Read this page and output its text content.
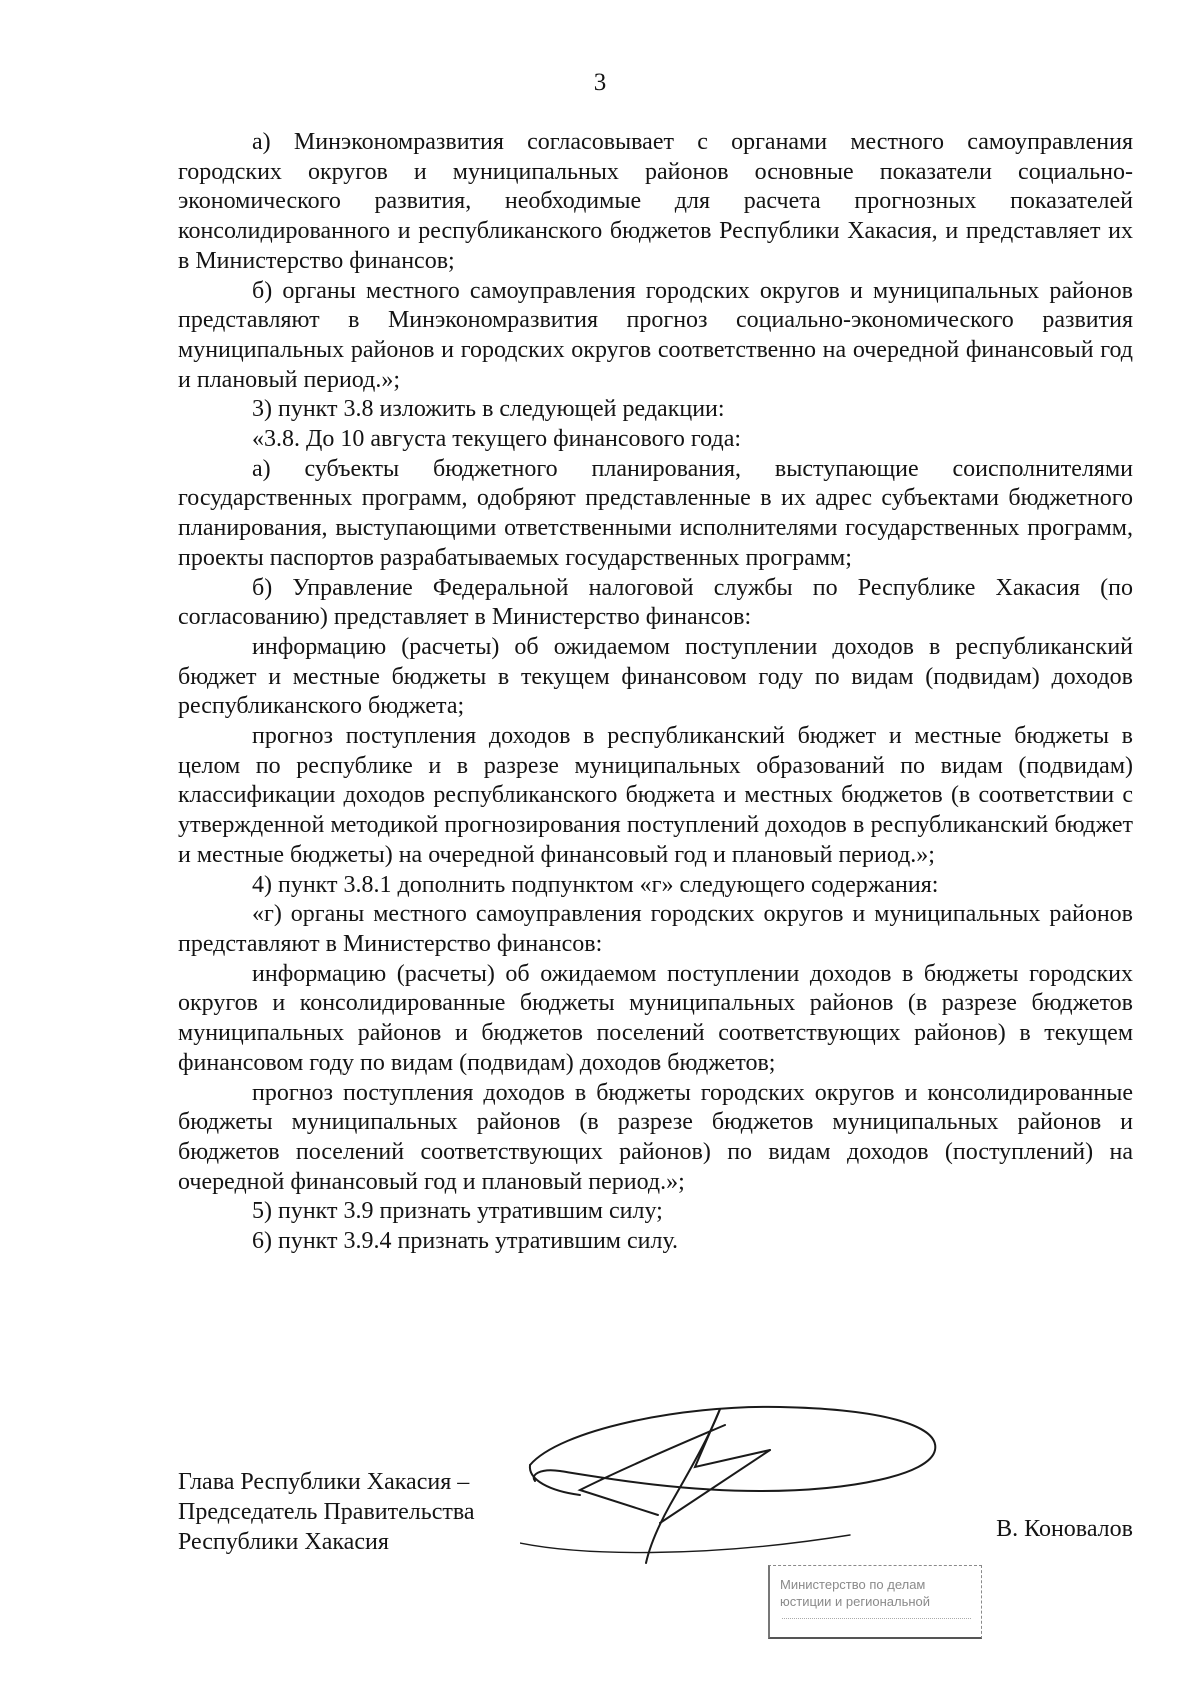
3

а) Минэкономразвития согласовывает с органами местного самоуправления городских округов и муниципальных районов основные показатели социально-экономического развития, необходимые для расчета прогнозных показателей консолидированного и республиканского бюджетов Республики Хакасия, и представляет их в Министерство финансов;

б) органы местного самоуправления городских округов и муниципальных районов представляют в Минэкономразвития прогноз социально-экономического развития муниципальных районов и городских округов соответственно на очередной финансовый год и плановый период.»;

3) пункт 3.8 изложить в следующей редакции:

«3.8. До 10 августа текущего финансового года:

а) субъекты бюджетного планирования, выступающие соисполнителями государственных программ, одобряют представленные в их адрес субъектами бюджетного планирования, выступающими ответственными исполнителями государственных программ, проекты паспортов разрабатываемых государственных программ;

б) Управление Федеральной налоговой службы по Республике Хакасия (по согласованию) представляет в Министерство финансов:

информацию (расчеты) об ожидаемом поступлении доходов в республиканский бюджет и местные бюджеты в текущем финансовом году по видам (подвидам) доходов республиканского бюджета;

прогноз поступления доходов в республиканский бюджет и местные бюджеты в целом по республике и в разрезе муниципальных образований по видам (подвидам) классификации доходов республиканского бюджета и местных бюджетов (в соответствии с утвержденной методикой прогнозирования поступлений доходов в республиканский бюджет и местные бюджеты) на очередной финансовый год и плановый период.»;

4) пункт 3.8.1 дополнить подпунктом «г» следующего содержания:

«г) органы местного самоуправления городских округов и муниципальных районов представляют в Министерство финансов:

информацию (расчеты) об ожидаемом поступлении доходов в бюджеты городских округов и консолидированные бюджеты муниципальных районов (в разрезе бюджетов муниципальных районов и бюджетов поселений соответствующих районов) в текущем финансовом году по видам (подвидам) доходов бюджетов;

прогноз поступления доходов в бюджеты городских округов и консолидированные бюджеты муниципальных районов (в разрезе бюджетов муниципальных районов и бюджетов поселений соответствующих районов) по видам доходов (поступлений) на очередной финансовый год и плановый период.»;

5) пункт 3.9 признать утратившим силу;

6) пункт 3.9.4 признать утратившим силу.

Глава Республики Хакасия –
Председатель Правительства
Республики Хакасия	В. Коновалов
Министерство по делам
юстиции и региональной
